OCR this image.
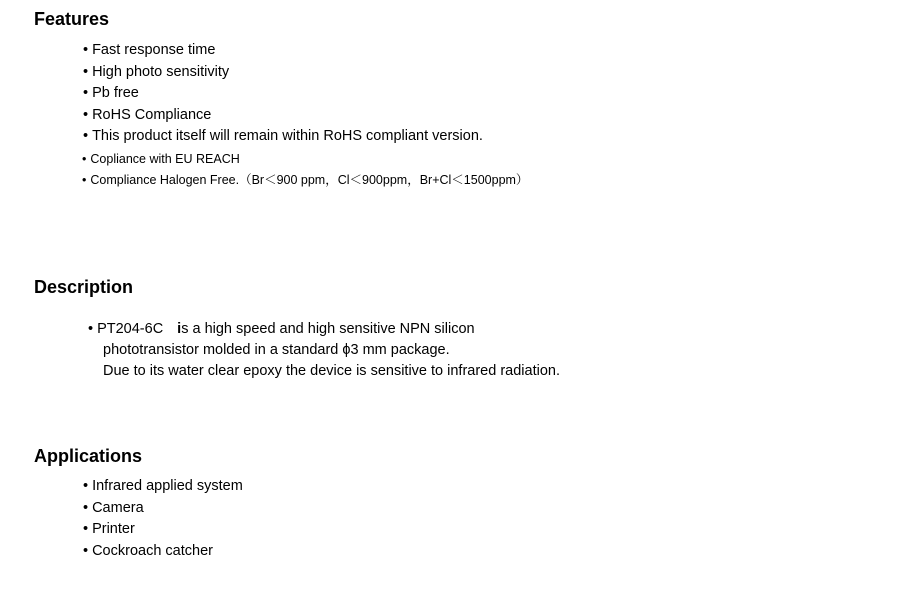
Features
• Fast response time
• High photo sensitivity
• Pb free
• RoHS Compliance
• This product itself will remain within RoHS compliant version.
• Copliance with EU REACH
• Compliance Halogen Free.（Br＜900 ppm，Cl＜900ppm，Br+Cl＜1500ppm）
Description
• PT204-6C is a high speed and high sensitive NPN silicon
phototransistor molded in a standard ϕ3 mm package.
Due to its water clear epoxy the device is sensitive to infrared radiation.
Applications
• Infrared applied system
• Camera
• Printer
• Cockroach catcher
